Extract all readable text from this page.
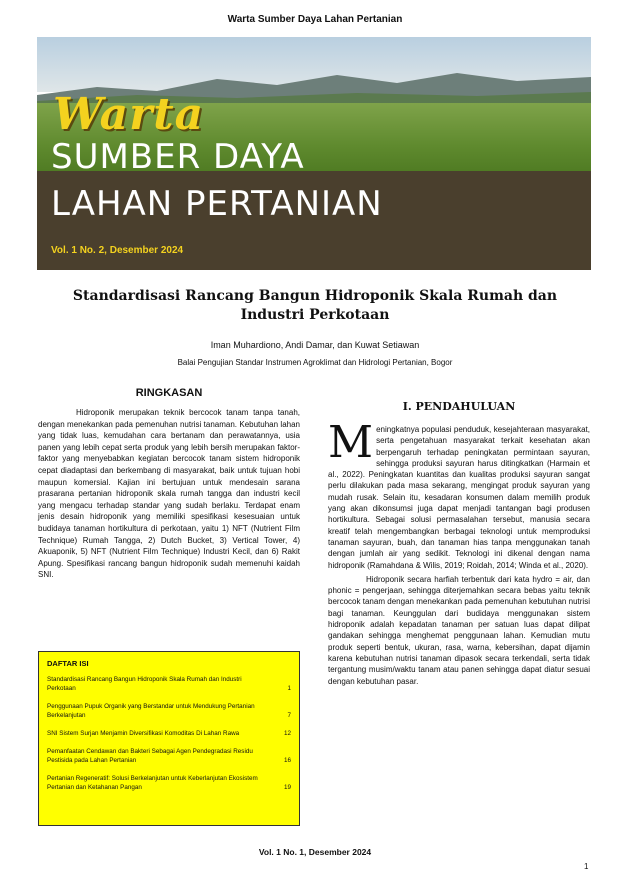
Warta Sumber Daya Lahan Pertanian
Warta
SUMBER DAYA
LAHAN PERTANIAN
Vol. 1 No. 2, Desember 2024
Standardisasi Rancang Bangun Hidroponik Skala Rumah dan Industri Perkotaan
Iman Muhardiono, Andi Damar, dan Kuwat Setiawan
Balai Pengujian Standar Instrumen Agroklimat dan Hidrologi Pertanian, Bogor
RINGKASAN

Hidroponik merupakan teknik bercocok tanam tanpa tanah, dengan menekankan pada pemenuhan nutrisi tanaman. Kebutuhan lahan yang tidak luas, kemudahan cara bertanam dan perawatannya, usia panen yang lebih cepat serta produk yang lebih bersih merupakan faktor-faktor yang menyebabkan kegiatan bercocok tanam sistem hidroponik cepat diadaptasi dan berkembang di masyarakat, baik untuk tujuan hobi maupun komersial. Kajian ini bertujuan untuk mendesain sarana prasarana pertanian hidroponik skala rumah tangga dan industri kecil yang mengacu terhadap standar yang sudah berlaku. Terdapat enam jenis desain hidroponik yang memiliki spesifikasi kesesuaian untuk budidaya tanaman hortikultura di perkotaan, yaitu 1) NFT (Nutrient Film Technique) Rumah Tangga, 2) Dutch Bucket, 3) Vertical Tower, 4) Akuaponik, 5) NFT (Nutrient Film Technique) Industri Kecil, dan 6) Rakit Apung. Spesifikasi rancang bangun hidroponik sudah memenuhi kaidah SNI.

DAFTAR ISI
Standardisasi Rancang Bangun Hidroponik Skala Rumah dan Industri Perkotaan	1
Penggunaan Pupuk Organik yang Berstandar untuk Mendukung Pertanian Berkelanjutan	7
SNI Sistem Surjan Menjamin Diversifikasi Komoditas Di Lahan Rawa	12
Pemanfaatan Cendawan dan Bakteri Sebagai Agen Pendegradasi Residu Pestisida pada Lahan Pertanian	16
Pertanian Regeneratif: Solusi Berkelanjutan untuk Keberlanjutan Ekosistem Pertanian dan Ketahanan Pangan	19
I. PENDAHULUAN

Meningkatnya populasi penduduk, kesejahteraan masyarakat, serta pengetahuan masyarakat terkait kesehatan akan berpengaruh terhadap peningkatan permintaan sayuran, sehingga produksi sayuran harus ditingkatkan (Harmain et al., 2022). Peningkatan kuantitas dan kualitas produksi sayuran sangat perlu dilakukan pada masa sekarang, mengingat produk sayuran yang mudah rusak. Selain itu, kesadaran konsumen dalam memilih produk yang akan dikonsumsi juga dapat menjadi tantangan bagi produsen hortikultura. Sebagai solusi permasalahan tersebut, manusia secara kreatif telah mengembangkan berbagai teknologi untuk memproduksi tanaman sayuran, buah, dan tanaman hias tanpa menggunakan tanah dengan jumlah air yang sedikit. Teknologi ini dikenal dengan nama hidroponik (Ramahdana & Wilis, 2019; Roidah, 2014; Winda et al., 2020).

Hidroponik secara harfiah terbentuk dari kata hydro = air, dan phonic = pengerjaan, sehingga diterjemahkan secara bebas yaitu teknik bercocok tanam dengan menekankan pada pemenuhan kebutuhan nutrisi bagi tanaman. Keunggulan dari budidaya menggunakan sistem hidroponik adalah kepadatan tanaman per satuan luas dapat dilipat gandakan sehingga menghemat penggunaan lahan. Kemudian mutu produk seperti bentuk, ukuran, rasa, warna, kebersihan, dapat dijamin karena kebutuhan nutrisi tanaman dipasok secara terkendali, serta tidak tergantung musim/waktu tanam atau panen sehingga dapat diatur sesuai dengan kebutuhan pasar.

Vol. 1 No. 1, Desember 2024
1
